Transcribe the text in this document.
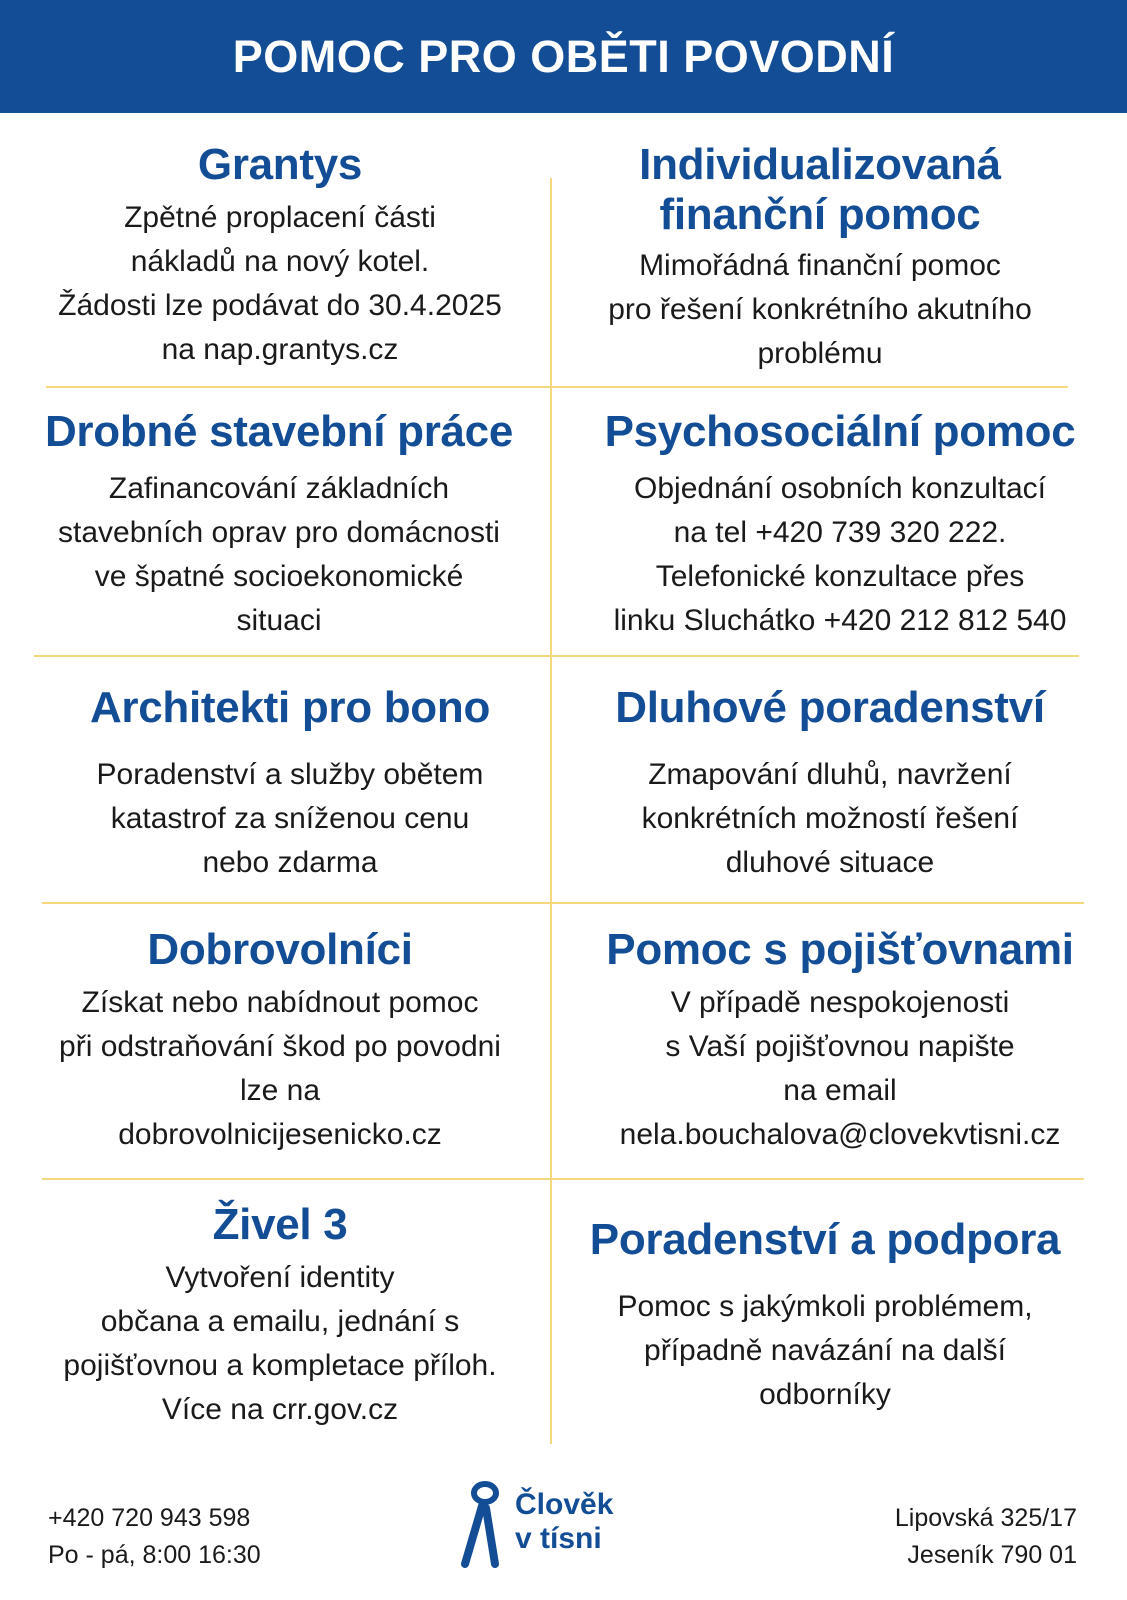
POMOC PRO OBĚTI POVODNÍ
Grantys

Zpětné proplacení části
nákladů na nový kotel.
Žádosti lze podávat do 30.4.2025
na nap.grantys.cz

Individualizovaná
finanční pomoc

Mimořádná finanční pomoc
pro řešení konkrétního akutního
problému

Drobné stavební práce

Zafinancování základních
stavebních oprav pro domácnosti
ve špatné socioekonomické
situaci

Psychosociální pomoc

Objednání osobních konzultací
na tel +420 739 320 222.
Telefonické konzultace přes
linku Sluchátko +420 212 812 540

Architekti pro bono

Poradenství a služby obětem
katastrof za sníženou cenu
nebo zdarma

Dluhové poradenství

Zmapování dluhů, navržení
konkrétních možností řešení
dluhové situace

Dobrovolníci

Získat nebo nabídnout pomoc
při odstraňování škod po povodni
lze na
dobrovolnicijesenicko.cz

Pomoc s pojišťovnami

V případě nespokojenosti
s Vaší pojišťovnou napište
na email
nela.bouchalova@clovekvtisni.cz

Živel 3

Vytvoření identity
občana a emailu, jednání s
pojišťovnou a kompletace příloh.
Více na crr.gov.cz

Poradenství a podpora

Pomoc s jakýmkoli problémem,
případně navázání na další
odborníky

+420 720 943 598
Po - pá, 8:00 16:30
Člověk
v tísni
Lipovská 325/17
Jeseník 790 01
